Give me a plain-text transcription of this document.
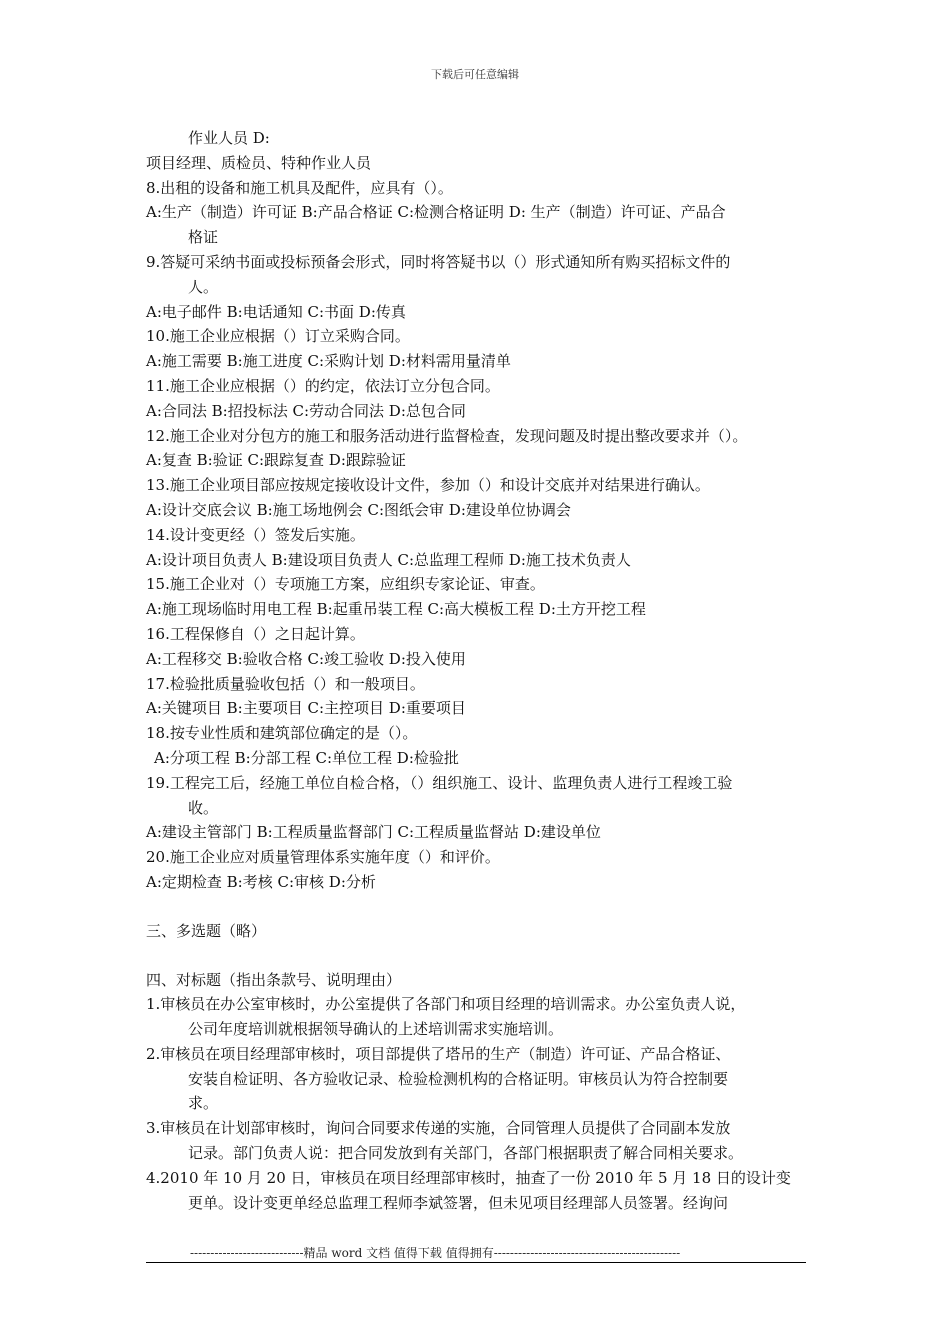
下载后可任意编辑
作业人员 D:
项目经理、质检员、特种作业人员
8.出租的设备和施工机具及配件，应具有（）。
A:生产（制造）许可证 B:产品合格证 C:检测合格证明 D: 生产（制造）许可证、产品合
格证
9.答疑可采纳书面或投标预备会形式，同时将答疑书以（）形式通知所有购买招标文件的
人。
A:电子邮件 B:电话通知 C:书面 D:传真
10.施工企业应根据（）订立采购合同。
A:施工需要 B:施工进度 C:采购计划 D:材料需用量清单
11.施工企业应根据（）的约定，依法订立分包合同。
A:合同法 B:招投标法 C:劳动合同法 D:总包合同
12.施工企业对分包方的施工和服务活动进行监督检查，发现问题及时提出整改要求并（）。
A:复查 B:验证 C:跟踪复查 D:跟踪验证
13.施工企业项目部应按规定接收设计文件，参加（）和设计交底并对结果进行确认。
A:设计交底会议 B:施工场地例会 C:图纸会审 D:建设单位协调会
14.设计变更经（）签发后实施。
A:设计项目负责人 B:建设项目负责人 C:总监理工程师 D:施工技术负责人
15.施工企业对（）专项施工方案，应组织专家论证、审查。
A:施工现场临时用电工程 B:起重吊装工程 C:高大模板工程 D:土方开挖工程
16.工程保修自（）之日起计算。
A:工程移交 B:验收合格 C:竣工验收 D:投入使用
17.检验批质量验收包括（）和一般项目。
A:关键项目 B:主要项目 C:主控项目 D:重要项目
18.按专业性质和建筑部位确定的是（）。
A:分项工程 B:分部工程 C:单位工程 D:检验批
19.工程完工后，经施工单位自检合格，（）组织施工、设计、监理负责人进行工程竣工验
收。
A:建设主管部门 B:工程质量监督部门 C:工程质量监督站 D:建设单位
20.施工企业应对质量管理体系实施年度（）和评价。
A:定期检查 B:考核 C:审核 D:分析
三、多选题（略）
四、对标题（指出条款号、说明理由）
1.审核员在办公室审核时，办公室提供了各部门和项目经理的培训需求。办公室负责人说，
公司年度培训就根据领导确认的上述培训需求实施培训。
2.审核员在项目经理部审核时，项目部提供了塔吊的生产（制造）许可证、产品合格证、
安装自检证明、各方验收记录、检验检测机构的合格证明。审核员认为符合控制要
求。
3.审核员在计划部审核时，询问合同要求传递的实施，合同管理人员提供了合同副本发放
记录。部门负责人说：把合同发放到有关部门，各部门根据职责了解合同相关要求。
4.2010 年 10 月 20 日，审核员在项目经理部审核时，抽查了一份 2010 年 5 月 18 日的设计变
更单。设计变更单经总监理工程师李斌签署，但未见项目经理部人员签署。经询问
----------------------------精品 word 文档 值得下载 值得拥有----------------------------------------------
